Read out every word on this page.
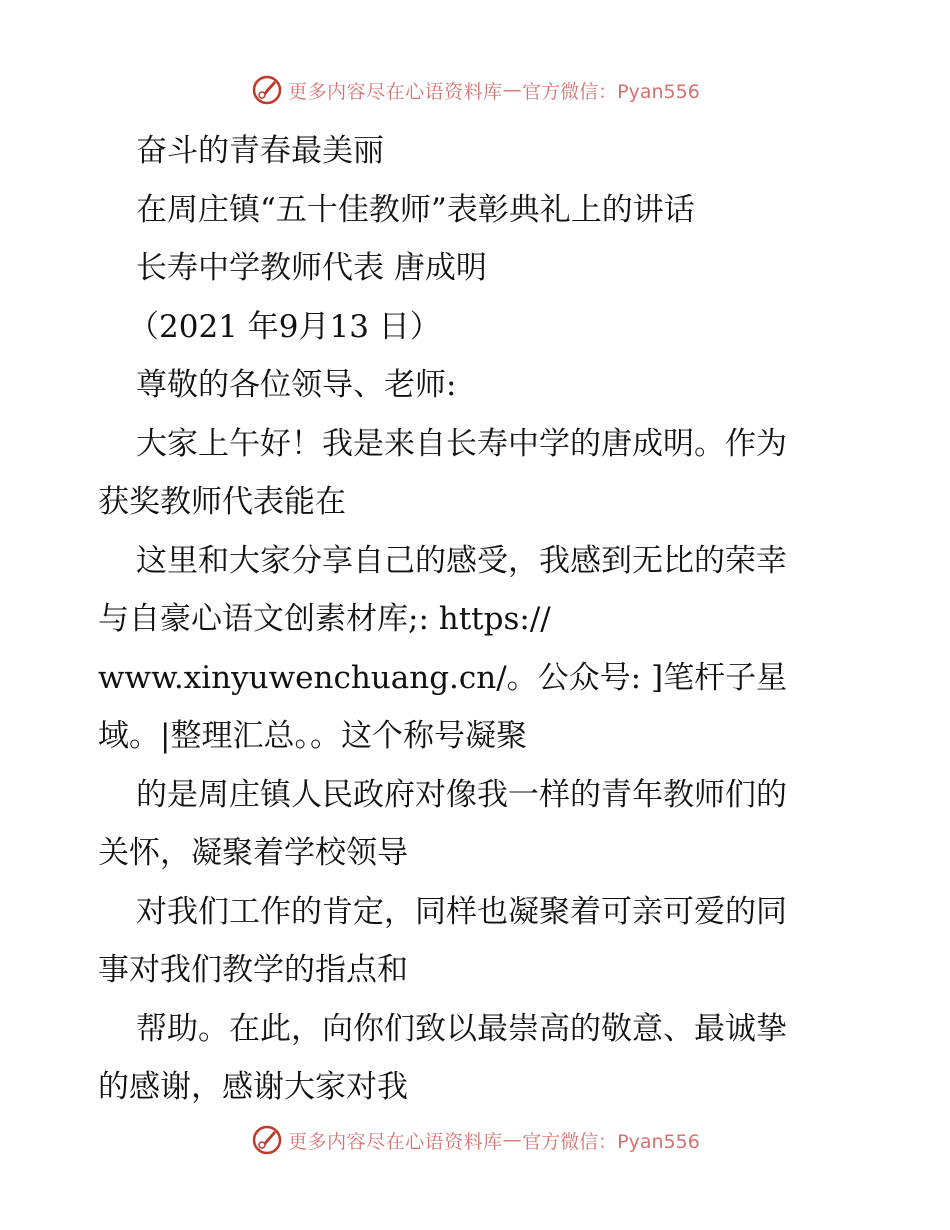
更多内容尽在心语资料库 — 官方微信：Pyan556
奋斗的青春最美丽
在周庄镇“五十佳教师”表彰典礼上的讲话
长寿中学教师代表 唐成明
（2021 年9月13 日）
尊敬的各位领导、老师:
大家上午好！我是来自长寿中学的唐成明。作为
获奖教师代表能在
这里和大家分享自己的感受，我感到无比的荣幸
与自豪心语文创素材库;: https://
www.xinyuwenchuang.cn/。公众号: ]笔杆子星
域。|整理汇总。。这个称号凝聚
的是周庄镇人民政府对像我一样的青年教师们的
关怀，凝聚着学校领导
对我们工作的肯定，同样也凝聚着可亲可爱的同
事对我们教学的指点和
帮助。在此，向你们致以最崇高的敬意、最诚挚
的感谢，感谢大家对我
更多内容尽在心语资料库 — 官方微信：Pyan556
